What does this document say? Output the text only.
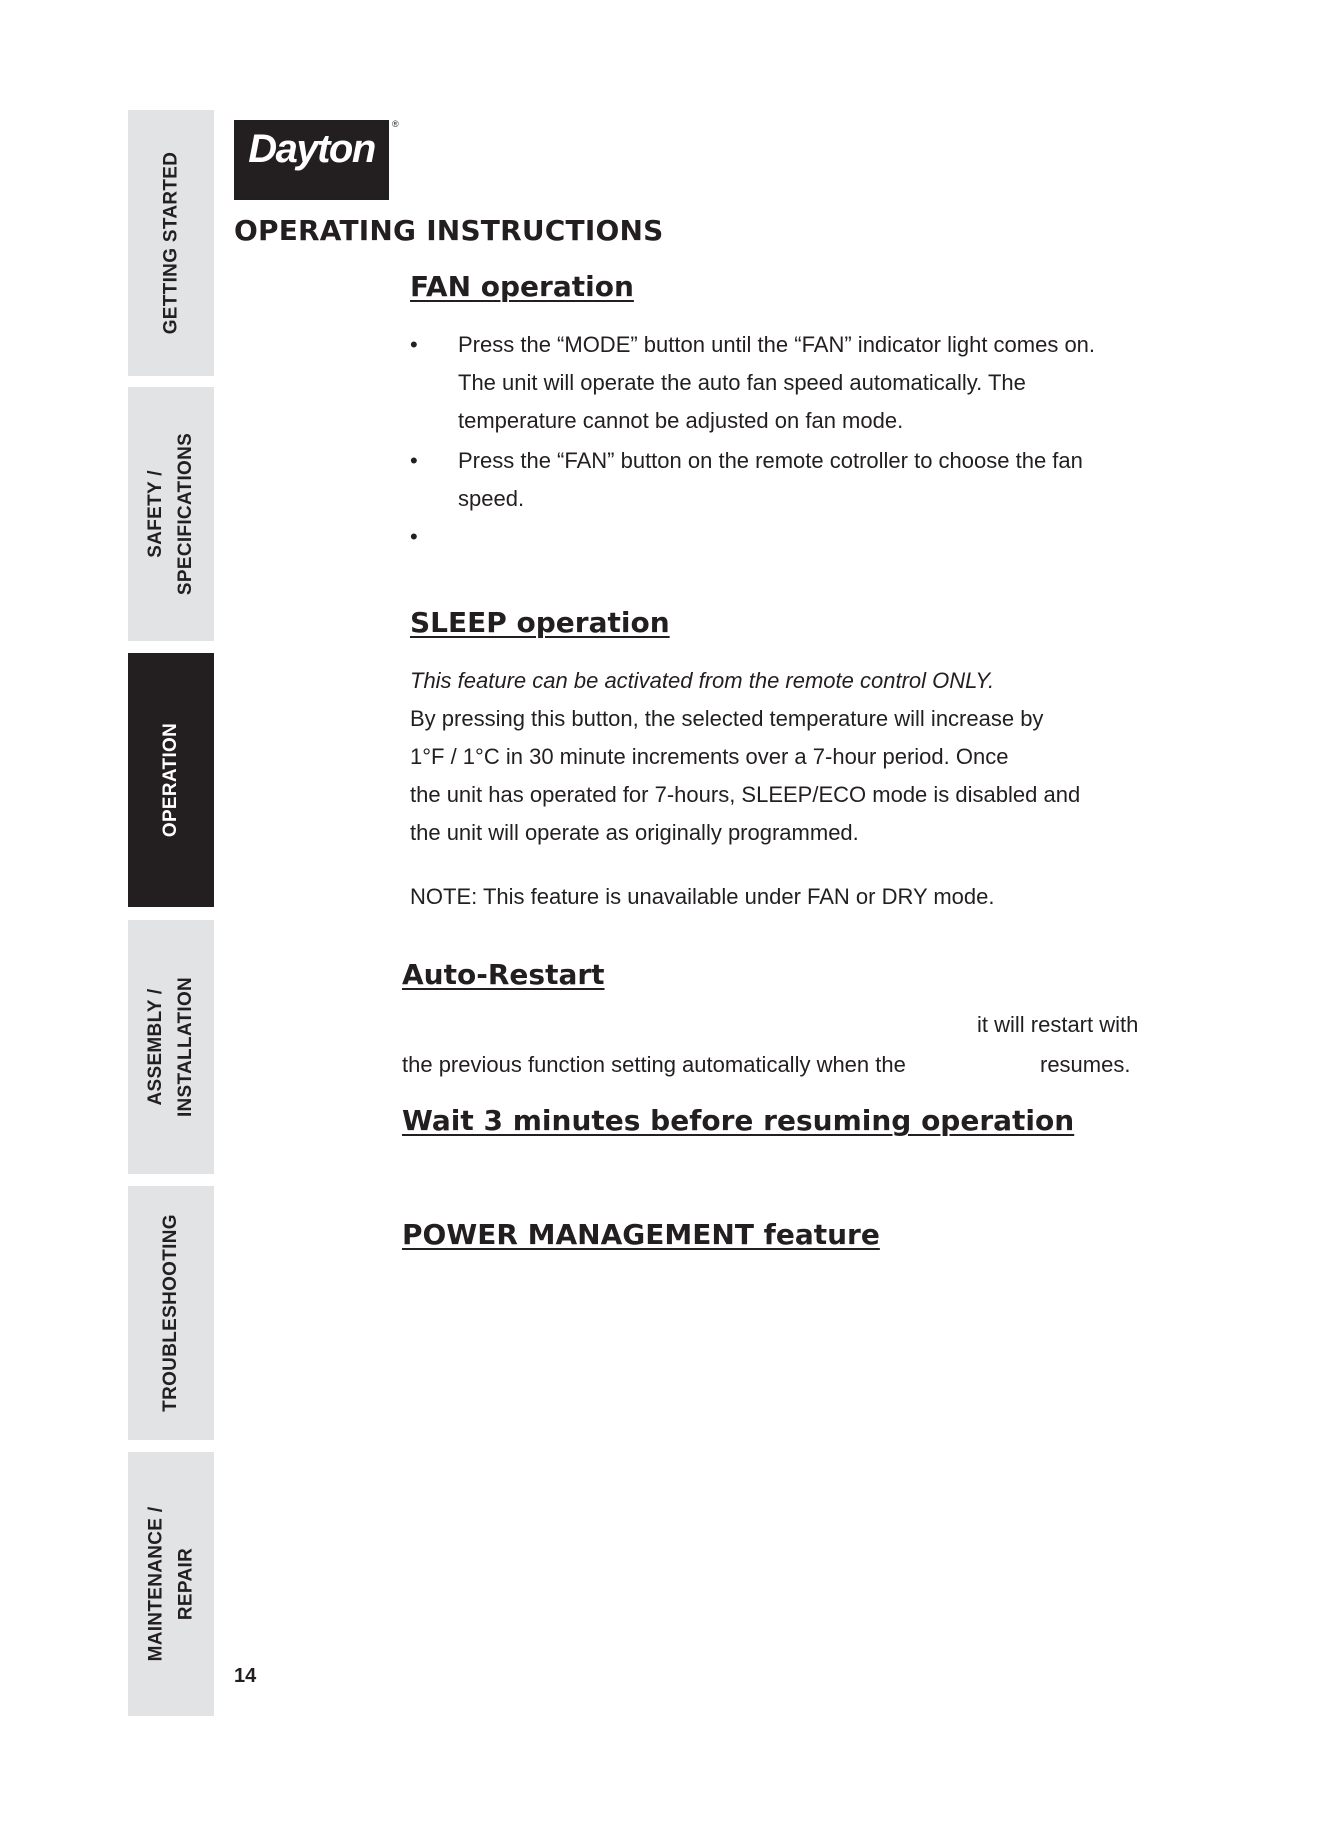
GETTING STARTED
SAFETY / SPECIFICATIONS
OPERATION
ASSEMBLY / INSTALLATION
TROUBLESHOOTING
MAINTENANCE / REPAIR
Dayton
®
OPERATING INSTRUCTIONS
FAN operation
• Press the “MODE” button until the “FAN” indicator light comes on.
The unit will operate the auto fan speed automatically. The
temperature cannot be adjusted on fan mode.
• Press the “FAN” button on the remote cotroller to choose the fan
speed.
•
SLEEP operation
This feature can be activated from the remote control ONLY.
By pressing this button, the selected temperature will increase by
1°F / 1°C in 30 minute increments over a 7-hour period. Once
the unit has operated for 7-hours, SLEEP/ECO mode is disabled and
the unit will operate as originally programmed.
NOTE: This feature is unavailable under FAN or DRY mode.
Auto-Restart
it will restart with
the previous function setting automatically when the	resumes.
Wait 3 minutes before resuming operation
POWER MANAGEMENT feature
14
